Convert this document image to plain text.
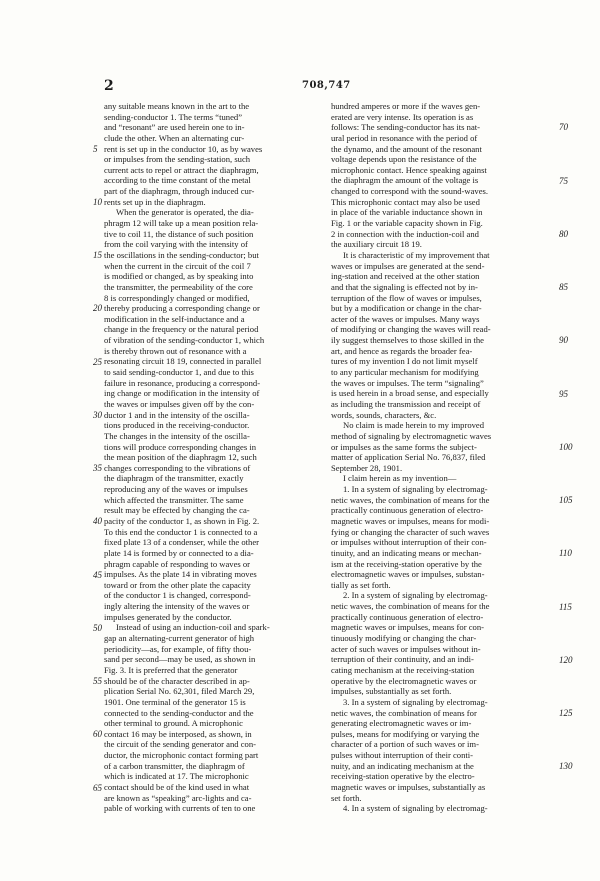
2	708,747
any suitable means known in the art to the
sending-conductor 1. The terms “tuned”
and “resonant” are used herein one to in-
clude the other. When an alternating cur-
rent is set up in the conductor 10, as by waves
or impulses from the sending-station, such
current acts to repel or attract the diaphragm,
according to the time constant of the metal
part of the diaphragm, through induced cur-
rents set up in the diaphragm.
When the generator is operated, the dia-
phragm 12 will take up a mean position rela-
tive to coil 11, the distance of such position
from the coil varying with the intensity of
the oscillations in the sending-conductor; but
when the current in the circuit of the coil 7
is modified or changed, as by speaking into
the transmitter, the permeability of the core
8 is correspondingly changed or modified,
thereby producing a corresponding change or
modification in the self-inductance and a
change in the frequency or the natural period
of vibration of the sending-conductor 1, which
is thereby thrown out of resonance with a
resonating circuit 18 19, connected in parallel
to said sending-conductor 1, and due to this
failure in resonance, producing a correspond-
ing change or modification in the intensity of
the waves or impulses given off by the con-
ductor 1 and in the intensity of the oscilla-
tions produced in the receiving-conductor.
The changes in the intensity of the oscilla-
tions will produce corresponding changes in
the mean position of the diaphragm 12, such
changes corresponding to the vibrations of
the diaphragm of the transmitter, exactly
reproducing any of the waves or impulses
which affected the transmitter. The same
result may be effected by changing the ca-
pacity of the conductor 1, as shown in Fig. 2.
To this end the conductor 1 is connected to a
fixed plate 13 of a condenser, while the other
plate 14 is formed by or connected to a dia-
phragm capable of responding to waves or
impulses. As the plate 14 in vibrating moves
toward or from the other plate the capacity
of the conductor 1 is changed, correspond-
ingly altering the intensity of the waves or
impulses generated by the conductor.
Instead of using an induction-coil and spark-
gap an alternating-current generator of high
periodicity—as, for example, of fifty thou-
sand per second—may be used, as shown in
Fig. 3. It is preferred that the generator
should be of the character described in ap-
plication Serial No. 62,301, filed March 29,
1901. One terminal of the generator 15 is
connected to the sending-conductor and the
other terminal to ground. A microphonic
contact 16 may be interposed, as shown, in
the circuit of the sending generator and con-
ductor, the microphonic contact forming part
of a carbon transmitter, the diaphragm of
which is indicated at 17. The microphonic
contact should be of the kind used in what
are known as “speaking” arc-lights and ca-
pable of working with currents of ten to one
hundred amperes or more if the waves gen-
erated are very intense. Its operation is as
follows: The sending-conductor has its nat-
ural period in resonance with the period of
the dynamo, and the amount of the resonant
voltage depends upon the resistance of the
microphonic contact. Hence speaking against
the diaphragm the amount of the voltage is
changed to correspond with the sound-waves.
This microphonic contact may also be used
in place of the variable inductance shown in
Fig. 1 or the variable capacity shown in Fig.
2 in connection with the induction-coil and
the auxiliary circuit 18 19.
It is characteristic of my improvement that
waves or impulses are generated at the send-
ing-station and received at the other station
and that the signaling is effected not by in-
terruption of the flow of waves or impulses,
but by a modification or change in the char-
acter of the waves or impulses. Many ways
of modifying or changing the waves will read-
ily suggest themselves to those skilled in the
art, and hence as regards the broader fea-
tures of my invention I do not limit myself
to any particular mechanism for modifying
the waves or impulses. The term “signaling”
is used herein in a broad sense, and especially
as including the transmission and receipt of
words, sounds, characters, &c.
No claim is made herein to my improved
method of signaling by electromagnetic waves
or impulses as the same forms the subject-
matter of application Serial No. 76,837, filed
September 28, 1901.
I claim herein as my invention—
1. In a system of signaling by electromag-
netic waves, the combination of means for the
practically continuous generation of electro-
magnetic waves or impulses, means for modi-
fying or changing the character of such waves
or impulses without interruption of their con-
tinuity, and an indicating means or mechan-
ism at the receiving-station operative by the
electromagnetic waves or impulses, substan-
tially as set forth.
2. In a system of signaling by electromag-
netic waves, the combination of means for the
practically continuous generation of electro-
magnetic waves or impulses, means for con-
tinuously modifying or changing the char-
acter of such waves or impulses without in-
terruption of their continuity, and an indi-
cating mechanism at the receiving-station
operative by the electromagnetic waves or
impulses, substantially as set forth.
3. In a system of signaling by electromag-
netic waves, the combination of means for
generating electromagnetic waves or im-
pulses, means for modifying or varying the
character of a portion of such waves or im-
pulses without interruption of their conti-
nuity, and an indicating mechanism at the
receiving-station operative by the electro-
magnetic waves or impulses, substantially as
set forth.
4. In a system of signaling by electromag-
5
10
15
20
25
30
35
40
45
50
55
60
65
70
75
80
85
90
95
100
105
110
115
120
125
130
